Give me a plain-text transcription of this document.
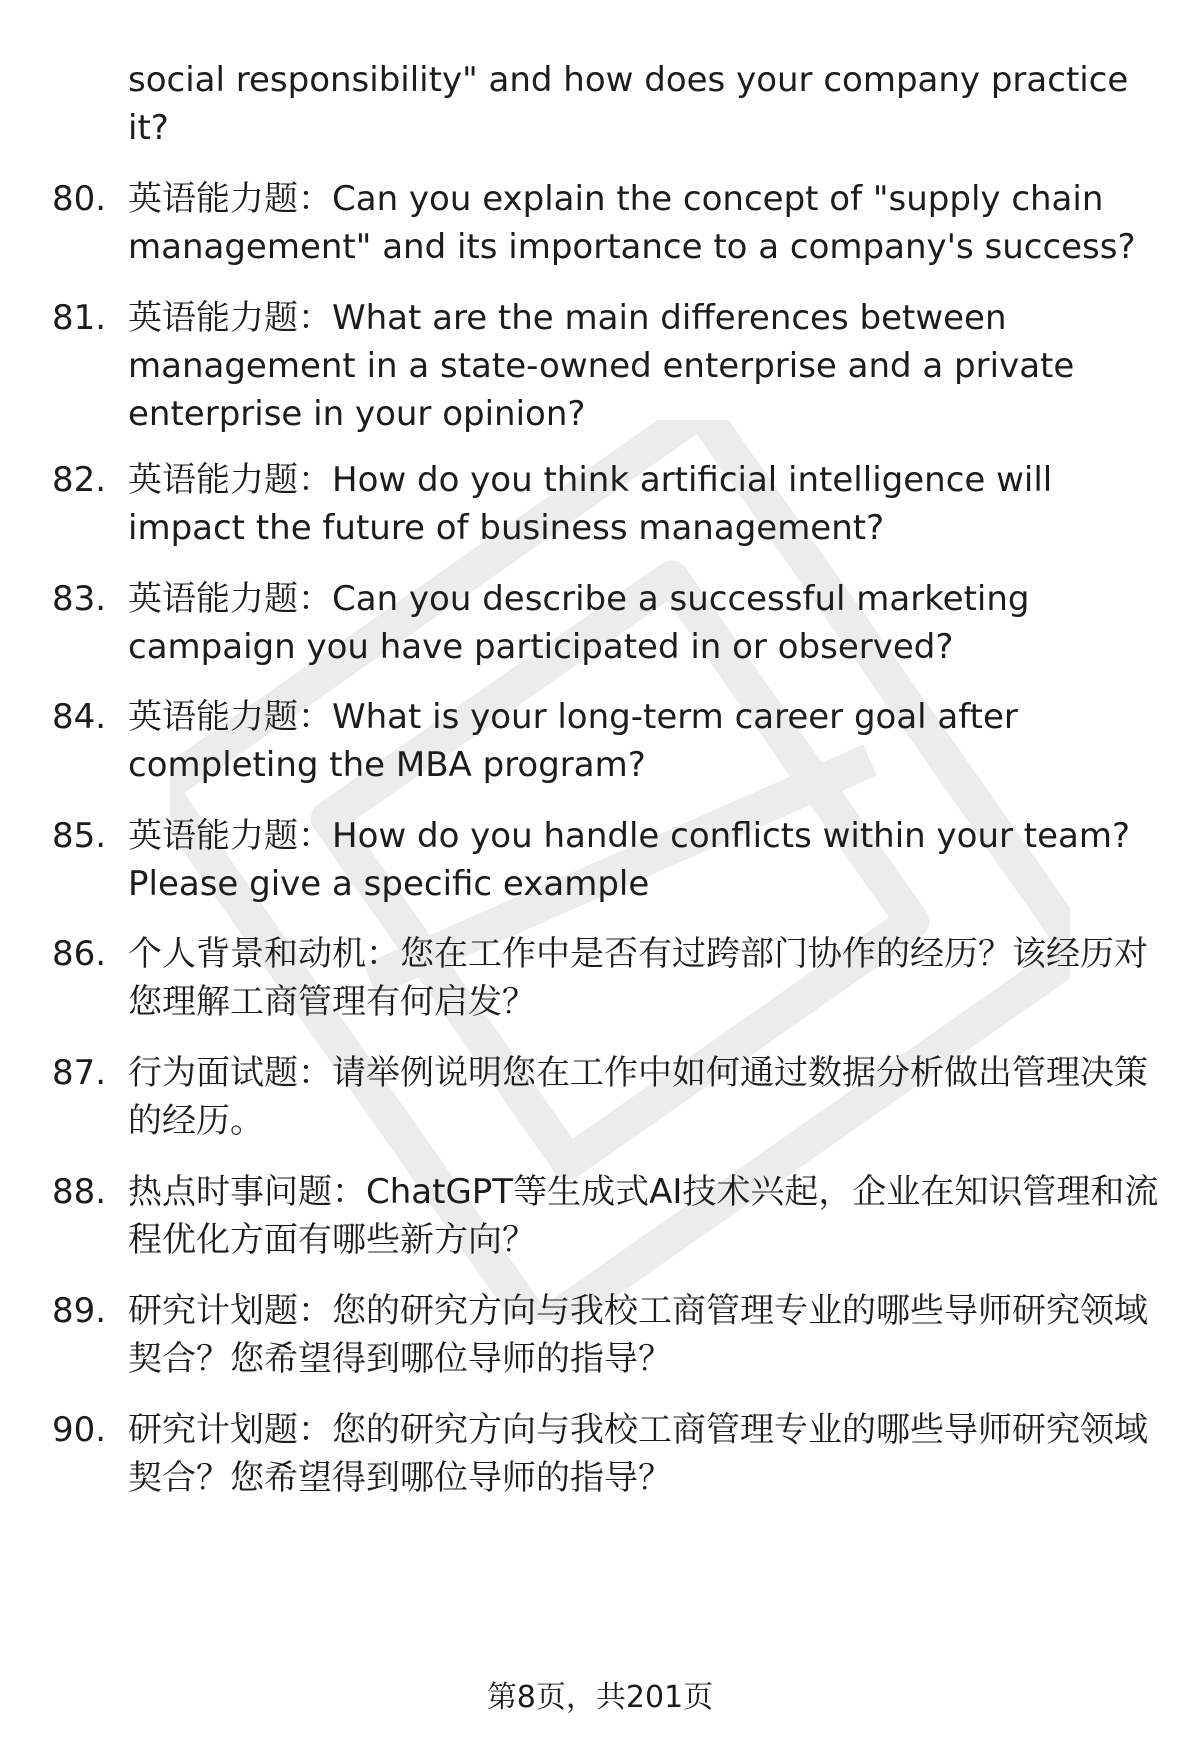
social responsibility" and how does your company practice it?
80. 英语能力题：Can you explain the concept of "supply chain management" and its importance to a company's success?
81. 英语能力题：What are the main differences between management in a state-owned enterprise and a private enterprise in your opinion?
82. 英语能力题：How do you think artificial intelligence will impact the future of business management?
83. 英语能力题：Can you describe a successful marketing campaign you have participated in or observed?
84. 英语能力题：What is your long-term career goal after completing the MBA program?
85. 英语能力题：How do you handle conflicts within your team? Please give a specific example
86. 个人背景和动机：您在工作中是否有过跨部门协作的经历？该经历对您理解工商管理有何启发？
87. 行为面试题：请举例说明您在工作中如何通过数据分析做出管理决策的经历。
88. 热点时事问题：ChatGPT等生成式AI技术兴起，企业在知识管理和流程优化方面有哪些新方向？
89. 研究计划题：您的研究方向与我校工商管理专业的哪些导师研究领域契合？您希望得到哪位导师的指导？
90. 研究计划题：您的研究方向与我校工商管理专业的哪些导师研究领域契合？您希望得到哪位导师的指导？
第8页，共201页
